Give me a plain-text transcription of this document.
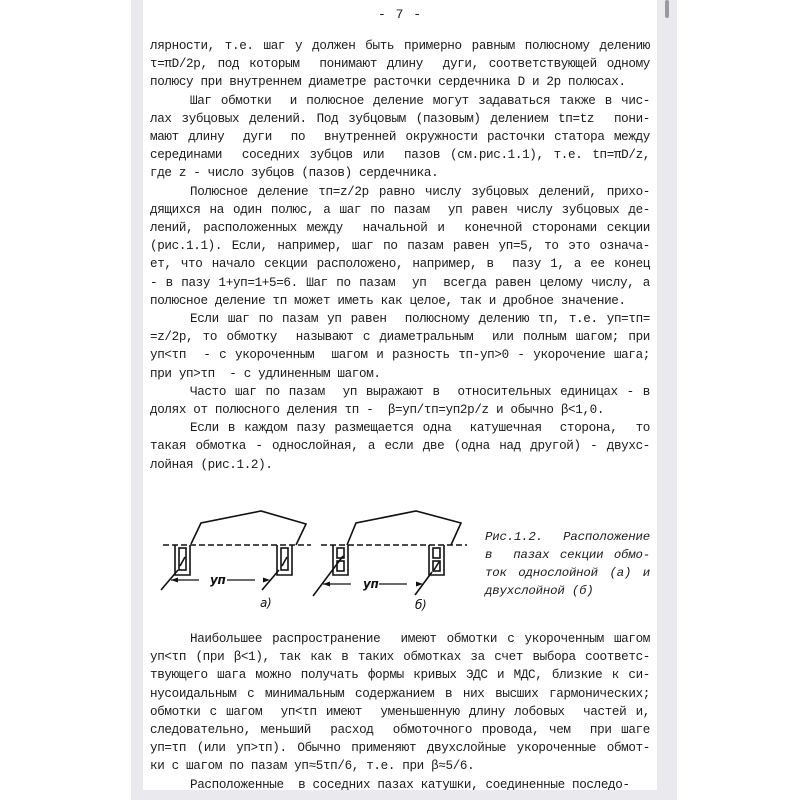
- 7 -
лярности, т.е. шаг y должен быть примерно равным полюсному делению
τ=πD/2p, под которым  понимают длину  дуги, соответствующей одному
полюсу при внутреннем диаметре расточки сердечника D и 2p полюсах.
Шаг обмотки  и полюсное деление могут задаваться также в чис-
лах зубцовых делений. Под зубцовым (пазовым) делением tп=tz  пони-
мают длину  дуги  по  внутренней окружности расточки статора между
серединами  соседних зубцов или  пазов (см.рис.1.1), т.е. tп=πD/z,
где z - число зубцов (пазов) сердечника.
Полюсное деление τп=z/2p равно числу зубцовых делений, прихо-
дящихся на один полюс, а шаг по пазам  yп равен числу зубцовых де-
лений, расположенных между  начальной и  конечной сторонами секции
(рис.1.1). Если, например, шаг по пазам равен yп=5, то это означа-
ет, что начало секции расположено, например, в  пазу 1, а ее конец
- в пазу 1+yп=1+5=6. Шаг по пазам  yп  всегда равен целому числу, а
полюсное деление τп может иметь как целое, так и дробное значение.
Если шаг по пазам yп равен  полюсному делению τп, т.е. yп=τп=
=z/2p, то обмотку  называют с диаметральным  или полным шагом; при
yп<τп  - с укороченным  шагом и разность τп-yп>0 - укорочение шага;
при yп>τп  - с удлиненным шагом.
Часто шаг по пазам  yп выражают в  относительных единицах - в
долях от полюсного деления τп -  β=yп/τп=yп2p/z и обычно β<1,0.
Если в каждом пазу размещается одна  катушечная  сторона,  то
такая обмотка - однослойная, а если две (одна над другой) - двухс-
лойная (рис.1.2).
yп
а)
yп
б)
Рис.1.2. Расположение
в  пазах секции обмо-
ток однослойной (а) и
двухслойной (б)
Наибольшее распространение  имеют обмотки с укороченным шагом
yп<τп (при β<1), так как в таких обмотках за счет выбора соответс-
твующего шага можно получать формы кривых ЭДС и МДС, близкие к си-
нусоидальным с минимальным содержанием в них высших гармонических;
обмотки с шагом  yп<τп имеют  уменьшенную длину лобовых  частей и,
следовательно, меньший  расход  обмоточного провода, чем  при шаге
yп=τп (или yп>τп). Обычно применяют двухслойные укороченные обмот-
ки с шагом по пазам yп≈5τп/6, т.е. при β≈5/6.
Расположенные  в соседних пазах катушки, соединенные последо-
